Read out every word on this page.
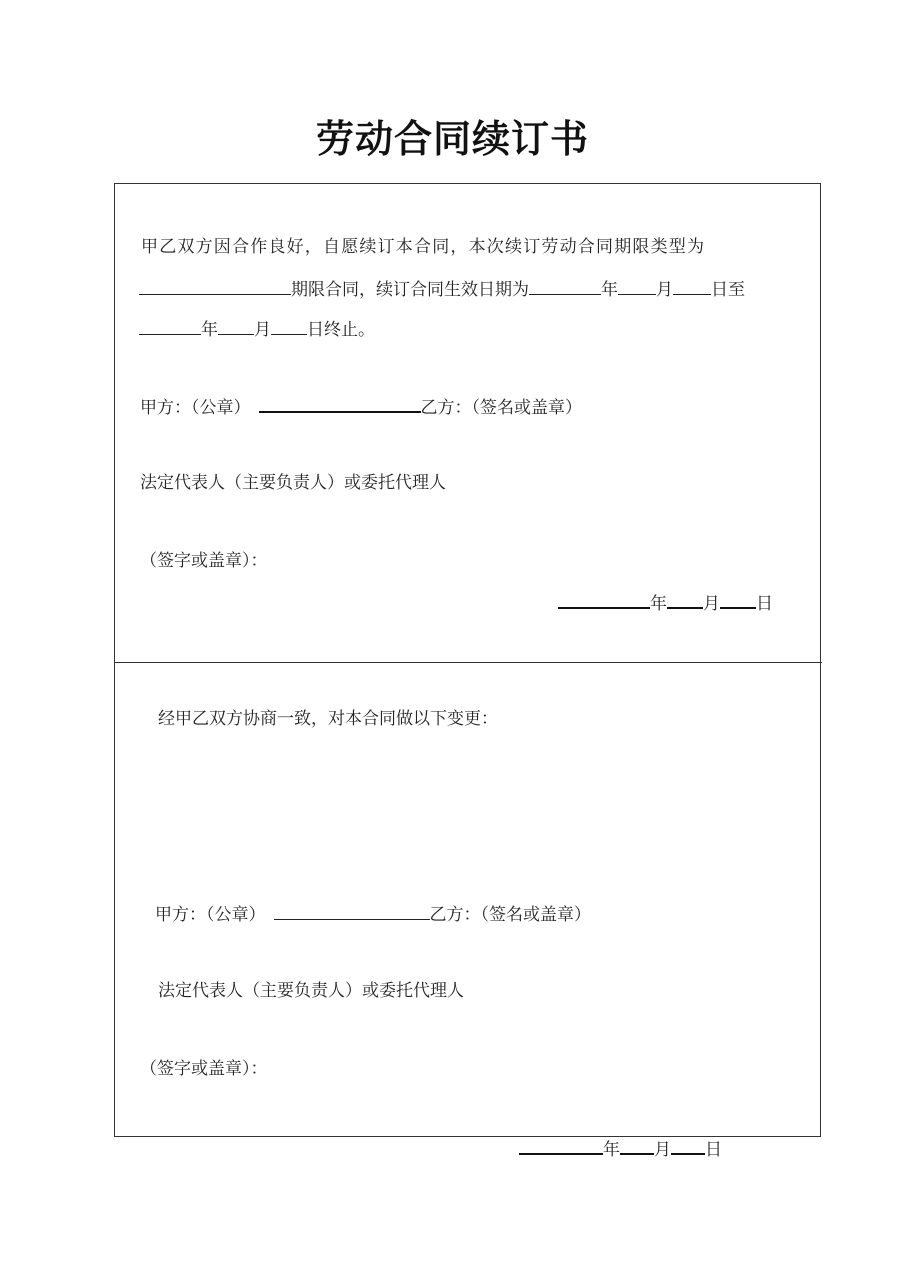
劳动合同续订书
甲乙双方因合作良好，自愿续订本合同，本次续订劳动合同期限类型为
期限合同，续订合同生效日期为	年 月 日至
年 月 日终止。
甲方：（公章）	乙方：（签名或盖章）
法定代表人（主要负责人）或委托代理人
（签字或盖章）：
年 月 日
经甲乙双方协商一致，对本合同做以下变更：
甲方：（公章）	乙方：（签名或盖章）
法定代表人（主要负责人）或委托代理人
（签字或盖章）：
年 月 日
